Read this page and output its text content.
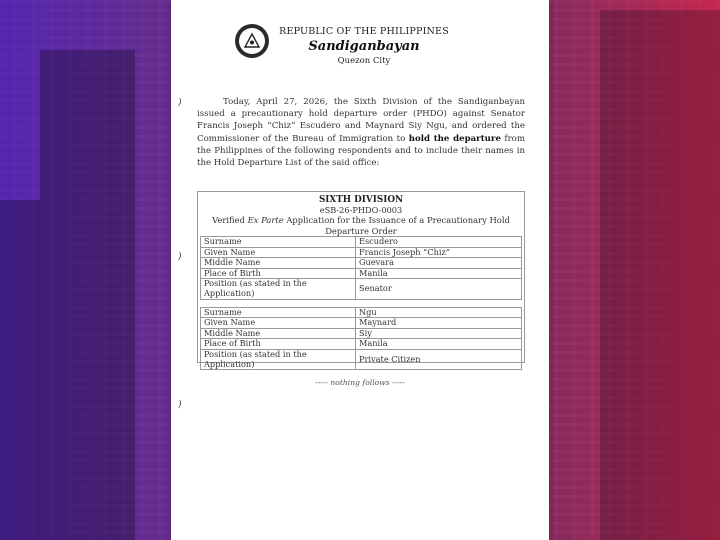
REPUBLIC OF THE PHILIPPINES
Sandiganbayan
Quezon City
)
)
)
Today, April 27, 2026, the Sixth Division of the Sandiganbayan issued a precautionary hold departure order (PHDO) against Senator Francis Joseph “Chiz” Escudero and Maynard Siy Ngu, and ordered the Commissioner of the Bureau of Immigration to hold the departure from the Philippines of the following respondents and to include their names in the Hold Departure List of the said office:
SIXTH DIVISION
eSB-26-PHDO-0003
Verified Ex Parte Application for the Issuance of a Precautionary Hold Departure Order
Surname	Escudero
Given Name	Francis Joseph “Chiz”
Middle Name	Guevara
Place of Birth	Manila
Position (as stated in the Application)	Senator
Surname	Ngu
Given Name	Maynard
Middle Name	Siy
Place of Birth	Manila
Position (as stated in the Application)	Private Citizen
----- nothing follows -----
